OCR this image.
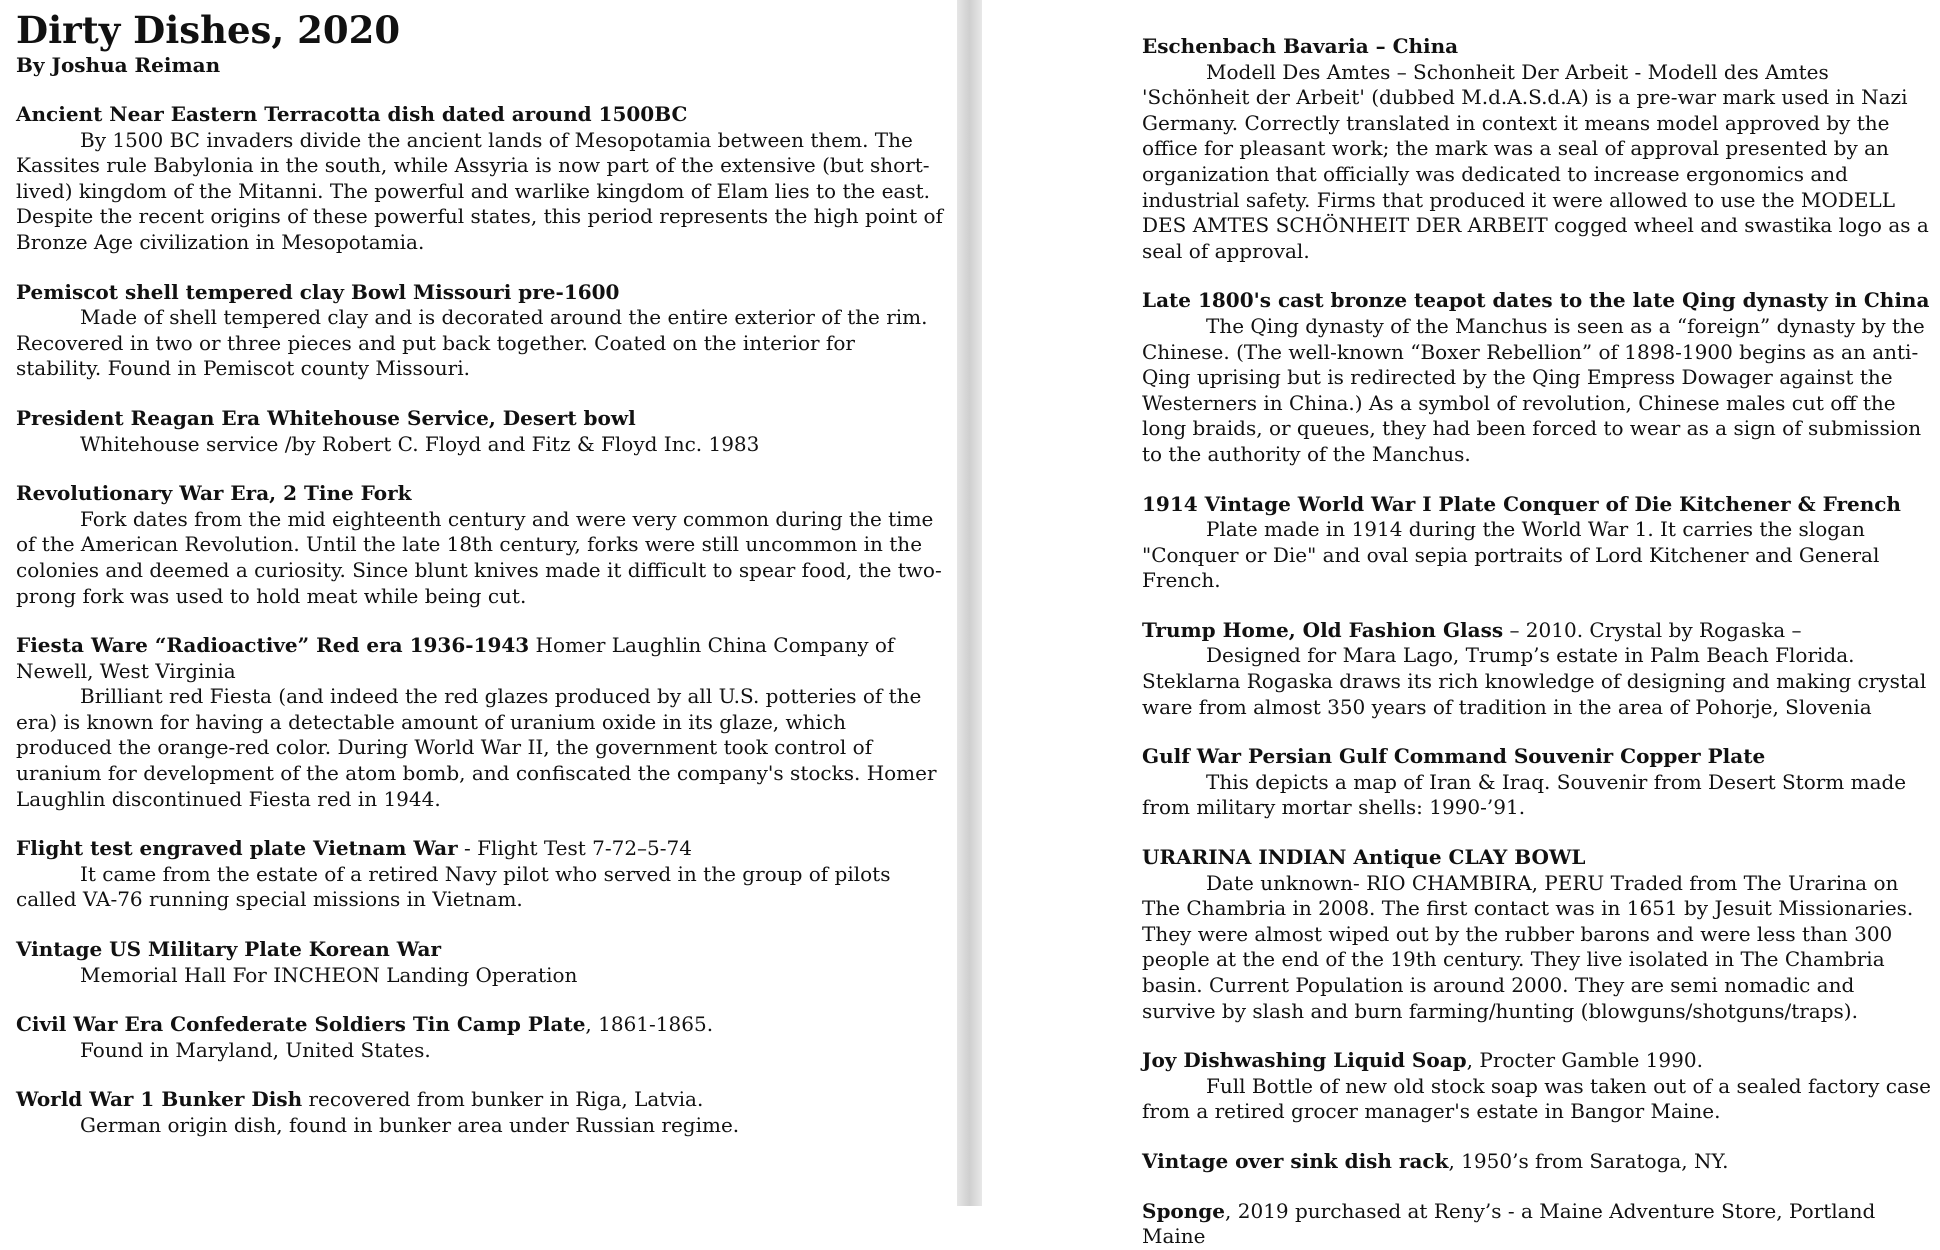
Dirty Dishes, 2020

By Joshua Reiman

Ancient Near Eastern Terracotta dish dated around 1500BC

By 1500 BC invaders divide the ancient lands of Mesopotamia between them. The Kassites rule Babylonia in the south, while Assyria is now part of the extensive (but short-lived) kingdom of the Mitanni. The powerful and warlike kingdom of Elam lies to the east. Despite the recent origins of these powerful states, this period represents the high point of Bronze Age civilization in Mesopotamia.

Pemiscot shell tempered clay Bowl Missouri pre-1600

Made of shell tempered clay and is decorated around the entire exterior of the rim. Recovered in two or three pieces and put back together. Coated on the interior for stability. Found in Pemiscot county Missouri.

President Reagan Era Whitehouse Service, Desert bowl

Whitehouse service /by Robert C. Floyd and Fitz & Floyd Inc. 1983

Revolutionary War Era, 2 Tine Fork

Fork dates from the mid eighteenth century and were very common during the time of the American Revolution. Until the late 18th century, forks were still uncommon in the colonies and deemed a curiosity. Since blunt knives made it difficult to spear food, the two-prong fork was used to hold meat while being cut.

Fiesta Ware “Radioactive” Red era 1936-1943 Homer Laughlin China Company of Newell, West Virginia

Brilliant red Fiesta (and indeed the red glazes produced by all U.S. potteries of the era) is known for having a detectable amount of uranium oxide in its glaze, which produced the orange-red color. During World War II, the government took control of uranium for development of the atom bomb, and confiscated the company's stocks. Homer Laughlin discontinued Fiesta red in 1944.

Flight test engraved plate Vietnam War - Flight Test 7-72–5-74

It came from the estate of a retired Navy pilot who served in the group of pilots called VA-76 running special missions in Vietnam.

Vintage US Military Plate Korean War

Memorial Hall For INCHEON Landing Operation

Civil War Era Confederate Soldiers Tin Camp Plate, 1861-1865.

Found in Maryland, United States.

World War 1 Bunker Dish recovered from bunker in Riga, Latvia.

German origin dish, found in bunker area under Russian regime.

Eschenbach Bavaria – China

Modell Des Amtes – Schonheit Der Arbeit - Modell des Amtes 'Schönheit der Arbeit' (dubbed M.d.A.S.d.A) is a pre-war mark used in Nazi Germany. Correctly translated in context it means model approved by the office for pleasant work; the mark was a seal of approval presented by an organization that officially was dedicated to increase ergonomics and industrial safety. Firms that produced it were allowed to use the MODELL DES AMTES SCHÖNHEIT DER ARBEIT cogged wheel and swastika logo as a seal of approval.

Late 1800's cast bronze teapot dates to the late Qing dynasty in China

The Qing dynasty of the Manchus is seen as a “foreign” dynasty by the Chinese. (The well-known “Boxer Rebellion” of 1898-1900 begins as an anti-Qing uprising but is redirected by the Qing Empress Dowager against the Westerners in China.) As a symbol of revolution, Chinese males cut off the long braids, or queues, they had been forced to wear as a sign of submission to the authority of the Manchus.

1914 Vintage World War I Plate Conquer of Die Kitchener & French

Plate made in 1914 during the World War 1. It carries the slogan "Conquer or Die" and oval sepia portraits of Lord Kitchener and General French.

Trump Home, Old Fashion Glass – 2010. Crystal by Rogaska –

Designed for Mara Lago, Trump’s estate in Palm Beach Florida. Steklarna Rogaska draws its rich knowledge of designing and making crystal ware from almost 350 years of tradition in the area of Pohorje, Slovenia

Gulf War Persian Gulf Command Souvenir Copper Plate

This depicts a map of Iran & Iraq. Souvenir from Desert Storm made from military mortar shells: 1990-’91.

URARINA INDIAN Antique CLAY BOWL

Date unknown- RIO CHAMBIRA, PERU Traded from The Urarina on The Chambria in 2008. The first contact was in 1651 by Jesuit Missionaries. They were almost wiped out by the rubber barons and were less than 300 people at the end of the 19th century. They live isolated in The Chambria basin. Current Population is around 2000. They are semi nomadic and survive by slash and burn farming/hunting (blowguns/shotguns/traps).

Joy Dishwashing Liquid Soap, Procter Gamble 1990.

Full Bottle of new old stock soap was taken out of a sealed factory case from a retired grocer manager's estate in Bangor Maine.

Vintage over sink dish rack, 1950’s from Saratoga, NY.
Sponge, 2019 purchased at Reny’s - a Maine Adventure Store, Portland Maine
